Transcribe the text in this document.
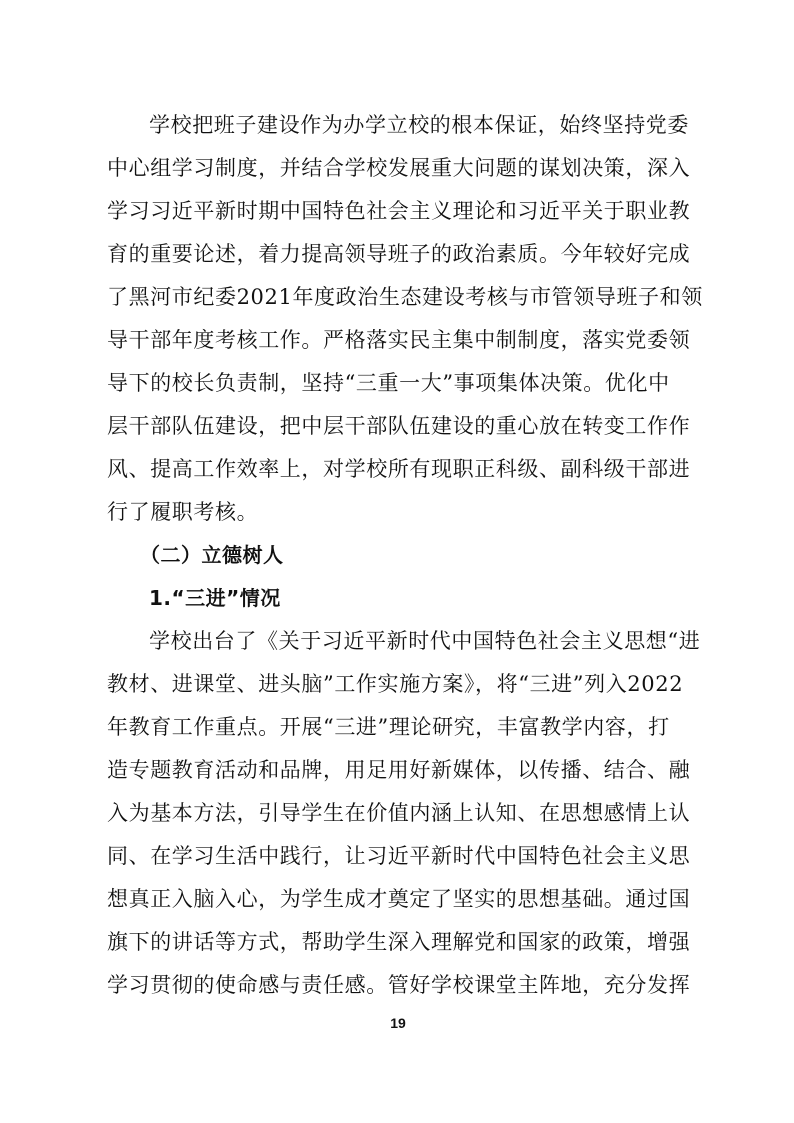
学校把班子建设作为办学立校的根本保证，始终坚持党委
中心组学习制度，并结合学校发展重大问题的谋划决策，深入
学习习近平新时期中国特色社会主义理论和习近平关于职业教
育的重要论述，着力提高领导班子的政治素质。今年较好完成
了黑河市纪委2021年度政治生态建设考核与市管领导班子和领
导干部年度考核工作。严格落实民主集中制制度，落实党委领
导下的校长负责制，坚持“三重一大”事项集体决策。优化中
层干部队伍建设，把中层干部队伍建设的重心放在转变工作作
风、提高工作效率上，对学校所有现职正科级、副科级干部进
行了履职考核。
（二）立德树人
1.“三进”情况
学校出台了《关于习近平新时代中国特色社会主义思想“进
教材、进课堂、进头脑”工作实施方案》，将“三进”列入2022
年教育工作重点。开展“三进”理论研究，丰富教学内容，打
造专题教育活动和品牌，用足用好新媒体，以传播、结合、融
入为基本方法，引导学生在价值内涵上认知、在思想感情上认
同、在学习生活中践行，让习近平新时代中国特色社会主义思
想真正入脑入心，为学生成才奠定了坚实的思想基础。通过国
旗下的讲话等方式，帮助学生深入理解党和国家的政策，增强
学习贯彻的使命感与责任感。管好学校课堂主阵地，充分发挥
19
